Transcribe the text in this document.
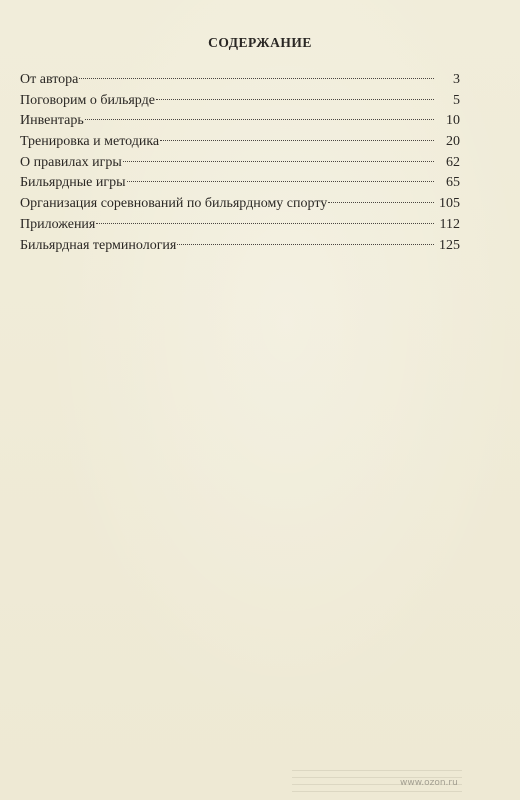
СОДЕРЖАНИЕ
От автора	3
Поговорим о бильярде	5
Инвентарь	10
Тренировка и методика	20
О правилах игры	62
Бильярдные игры	65
Организация соревнований по бильярдному спорту	105
Приложения	112
Бильярдная терминология	125
www.ozon.ru
